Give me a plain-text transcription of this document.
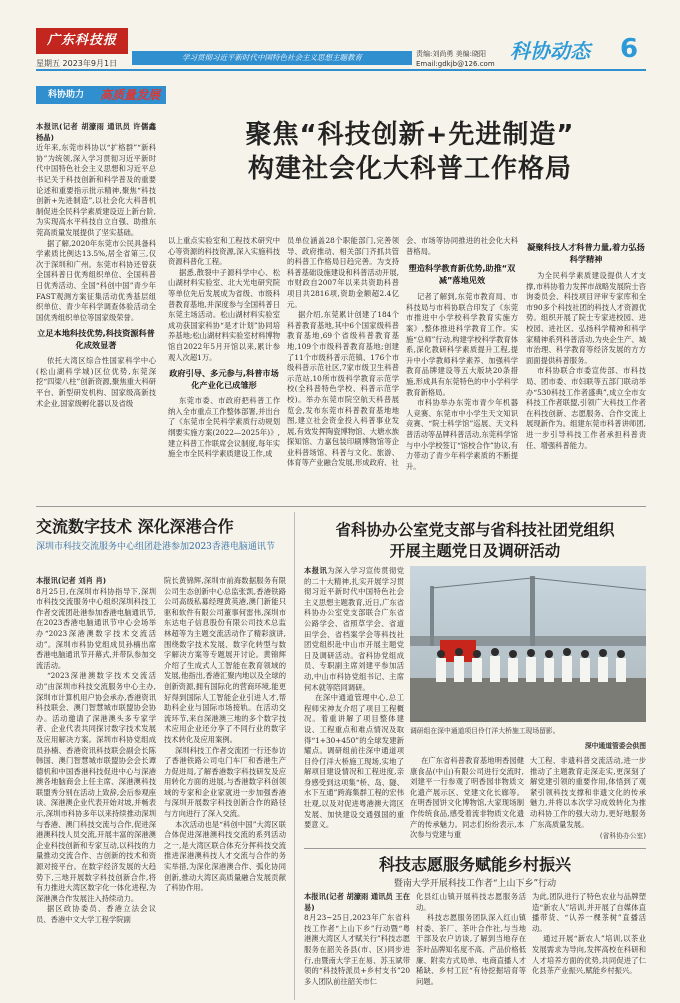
广东科技报
星期五 2023年9月1日
学习贯彻习近平新时代中国特色社会主义思想主题教育	责编:刘尚勇 美编:晓阳
Email:gdkjb@126.com
科协动态	6
科协助力	高质量发展
聚焦“科技创新+先进制造”
构建社会化大科普工作格局

本报讯(记者 胡濠雨 通讯员 许儒鑫 杨晶)

近年来,东莞市科协以“扩格群”“新科协”为统领,深入学习贯彻习近平新时代中国特色社会主义思想和习近平总书记关于科技创新和科学普及的重要论述和重要指示批示精神,聚焦“科技创新+先进制造”,以社会化大科普机制促进全民科学素质建设迈上新台阶,为实现高水平科技自立自强、助推东莞高质量发展提供了坚实基础。

据了解,2020年东莞市公民具备科学素质比例达13.5%,居全省第三,仅次于深圳和广州。东莞市科协还曾获全国科普日优秀组织单位、全国科普日优秀活动、全国“科创中国”青少年FAST观测方案征集活动优秀基层组织单位、青少年科学调查体验活动全国优秀组织单位等国家级荣誉。

立足本地科技优势,科技资源科普化成效显著

依托大湾区综合性国家科学中心(松山湖科学城)区位优势,东莞深挖“四梁八柱”创新资源,聚焦重大科研平台、新型研发机构、国家级高新技术企业,国家级孵化器以及省级

以上重点实验室和工程技术研究中心等资源的科技资源,深入实施科技资源科普化工程。

据悉,散裂中子源科学中心、松山湖材料实验室、北大光电研究院等单位先后发展成为省级、市级科普教育基地,并深度参与全国科普日东莞主场活动。松山湖材料实验室成功获国家科协“是才计划”协同培养基地;松山湖材料实验室材料博物馆自2022年5月开馆以来,累计参观人次超1万。

政府引导、多元参与,科普市场化产业化已成雏形

东莞市委、市政府把科普工作纳入全市重点工作整体部署,并出台了《东莞市全民科学素质行动规划纲要实施方案(2022—2025年)》,建立科普工作联席会议制度,每年实施全市全民科学素质建设工作,成

员单位涵盖28个职能部门,完善领导、政府推动、相关部门齐抓共管的科普工作格局日趋完善。为支持科普基础设施建设和科普活动开展,市财政自2007年以来共资助科普项目共2816项,资助金额超2.4亿元。

据介绍,东莞累计创建了184个科普教育基地,其中6个国家级科普教育基地,69个省级科普教育基地,109个市级科普教育基地;创建了11个市级科普示范镇、176个市级科普示范社区,7家市级卫生科普示范站,10所市级科学教育示范学校(全科普特色学校、科普示范学校)。举办东莞市院空航天科普展览会,发布东莞市科普教育基地地图,建立社会资金投入科普事业发展,有效发挥陶瓷博物馆、大塘水族探知馆、力嘉包装印刷博物馆等企业科普场馆、科普与文化、旅游、体育等产业融合发展,形成政府、社

会、市场等协同推进的社会化大科普格局。

塑造科学教育新优势,助推“双减”落地见效

记者了解到,东莞市教育局、市科技局与市科协联合印发了《东莞市推进中小学校科学教育实施方案》,整体推进科学教育工作。实施“总师”行动,构建学校科学教育体系,深化教研科学素质提升工程,提升中小学教师科学素养、加强科学教育品牌建设等五大版块20条措施,形成具有东莞特色的中小学科学教育新格局。

市科协举办东莞市青少年机器人竞赛、东莞市中小学生天文知识竞赛、“院士科学馆”巡展、天文科普活动等品牌科普活动,东莞科学馆与中小学校签订“馆校合作”协议,有力带动了青少年科学素质的不断提升。

凝聚科技人才科普力量,着力弘扬科学精神

为全民科学素质建设提供人才支撑,市科协着力发挥市战略发展院士咨询委员会、科技项目评审专家库和全市90多个科技社团的科技人才资源优势。组织开展了院士专家进校园、进校园、进社区、弘扬科学精神和科学家精神系列科普活动,为央企生产、城市治理、科学教育等经济发展的方方面面提供科普服务。

市科协联合市委宣传部、市科技局、团市委、市妇联等五部门联动举办“530科技工作者盛典”,成立全市女科技工作者联盟,引领广大科技工作者在科技创新、志愿服务、合作交流上展现新作为。组建东莞市科普讲师团,进一步引导科技工作者承担科普责任、增强科普能力。

交流数字技术 深化深港合作
深圳市科技交流服务中心组团赴港参加2023香港电脑通讯节

本报讯(记者 刘肖 肖)

8月25日,在深圳市科协指导下,深圳市科技交流服务中心组织深圳科技工作者交流团赴港参加香港电脑通讯节,在2023香港电脑通讯节中心会场举办“2023深港澳数字技术交流活动”。深圳市科协党组成员孙楠出席香港电脑通讯节开幕式,并带队参加交流活动。

“2023深港澳数字技术交流活动”由深圳市科技交流服务中心主办,深圳市计算机用户协会承办,香港资讯科技联会、澳门智慧城市联盟协会协办。活动邀请了深港澳头多专家学者、企业代表共同探讨数字技术发展及应用解决方案。深圳市科协党组成员孙楠、香港资讯科技联会副会长陈韩国、澳门智慧城市联盟协会会长谭德机和中国香港科技促进中心与深港澳各地脑商会上任主席、深港澳科技联盟秀分别在活动上致辞,会后参观座谈、深港澳企业代表开始对坡,并畅表示,深圳市科协多年以来持续推动深圳与香港、澳门科技交流与合作,促进深港澳科技人员交流,开展丰富的深港澳企业科技创新和专家互动,以科技的力量推动交流合作、吉创新的技术和资源对接平台。在数字经济发展的大趋势下,三地开展数字科技创新合作,将有力推进大湾区数字化一体化进程,为深港澳合作发展注入持续动力。

据区政协委员、香港立法会议员、香港中文大学工程学院副

院长黄锦辉,深圳市前海数据服务有限公司生态创新中心总监张凯,香港铁路公司高级私募经理黄英港,澳门新能只驱和软件有限公司董事何雷伟,深圳市东达电子信息股份有限公司技术总监林超等为主题交流活动作了精彩演讲,围绕数字技术发展、数字化转型与数字解决方案等专题展开讨论。黄锦辉介绍了生成式人工智能在教育领域的发展,他指出,香港汇聚内地以及全球的创新资源,拥有国际化的营商环境,能更好得到国际人工智能企业引进人才,帮助科企业与国际市场接轨。在活动交流环节,来自深港澳三地的多个数字技术应用企业还分享了不同行业的数字技术转化及应用案例。

深圳科技工作者交流团一行还参访了香港铁路公司屯门车厂和香港生产力促进局,了解香港数字科技研发及应用转化方面的进展,与香港数字科创领域的专家和企业家就进一步加强香港与深圳开展数字科技创新合作的路径与方向进行了深入交流。

本次活动也是“科创中国”大湾区联合体促进深港澳科技交流的系列活动之一,是大湾区联合体充分挥科技交流推进深港澳科技人才交流与合作的务实举措,为深化深港澳合作、弧化协同创新,推动大湾区高质量融合发展贡献了科协作用。

省科协办公室党支部与省科技社团党组织
开展主题党日及调研活动

本报讯为深入学习宣传贯彻党的二十大精神,扎实开展学习贯彻习近平新时代中国特色社会主义思想主题教育,近日,广东省科协办公室党支部联合广东省公路学会、省照草学会、省道田学会、省档案学会等科技社团党组织赴中山市开展主题党日及调研活动。省科协党组成员、专职副主席刘建平参加活动,中山市科协党组书记、主席何木就等陪同调研。

在深中通道管理中心,总工程师宋神友介绍了项目工程概况。着重讲解了项目整体建设、工程重点和难点情况及取得“1+30+450”的全球发建新耀点。调研组前往深中通道项目伶仃洋大桥施工现场,实地了解项目建设情况和工程进度,亲身感受到这项集“桥、岛、隧、水下互通”跨海集群工程的宏伟壮观,以及对促进粤港澳大湾区发展、加快建设交通强国的重要意义。

调研组在深中通道项目伶仃洋大桥施工现场留影。
深中通道管委会供图

在广东省科普教育基地明香园健康食品(中山)有限公司进行交流时,刘建平一行参观了明香园非物质文化遗产展示区、党建文化长廊等。在明香园饼文化博物馆,大家现场制作传统食品,感受着流非物质文化遗产的传承魅力。同志们纷纷表示,本次参与党建与重

大工程、非遗科普交流活动,进一步推动了主题教育走深走实,更深刻了解党建引领的重要作用,体悟到了观紧引领科技支撑和非遗文化的传承魅力,并将以本次学习成效转化为推动科协工作的强大动力,更好地服务广东高质量发展。

(省科协办公室)

科技志愿服务赋能乡村振兴
暨南大学开展科技工作者“上山下乡”行动

本报讯(记者 胡濠雨 通讯员 王在易)

8月23~25日,2023年广东省科技工作者“上山下乡”行动暨“粤港澳大湾区人才赋关行”科技志愿服务在韶关各县(市、区)同步进行,由暨南大学王在易、苏玉斌带领的“科技特派员+乡村支书”20多人团队前往韶关市仁

化县红山镇开展科技志愿服务活动。

科技志愿服务团队深入红山镇村委、茶厂、茶叶合作社,与当地干部及农户访谈,了解到当地存在茶叶品牌知名度不高、产品价格低廉、附卖方式局单、电商直播人才稀缺、乡村工匠“有待挖掘培育等问题。

为此,团队进行了特色农业与品牌塑造“新农人”培训,并开展了自媒体直播带货、“认养一棵茶树”直播活动。

通过开展“新农人”培训,以茶业发展需求为导向,发挥高校在科研和人才培养方面的优势,共同促进了仁化县茶产业振兴,赋能乡村振兴。
